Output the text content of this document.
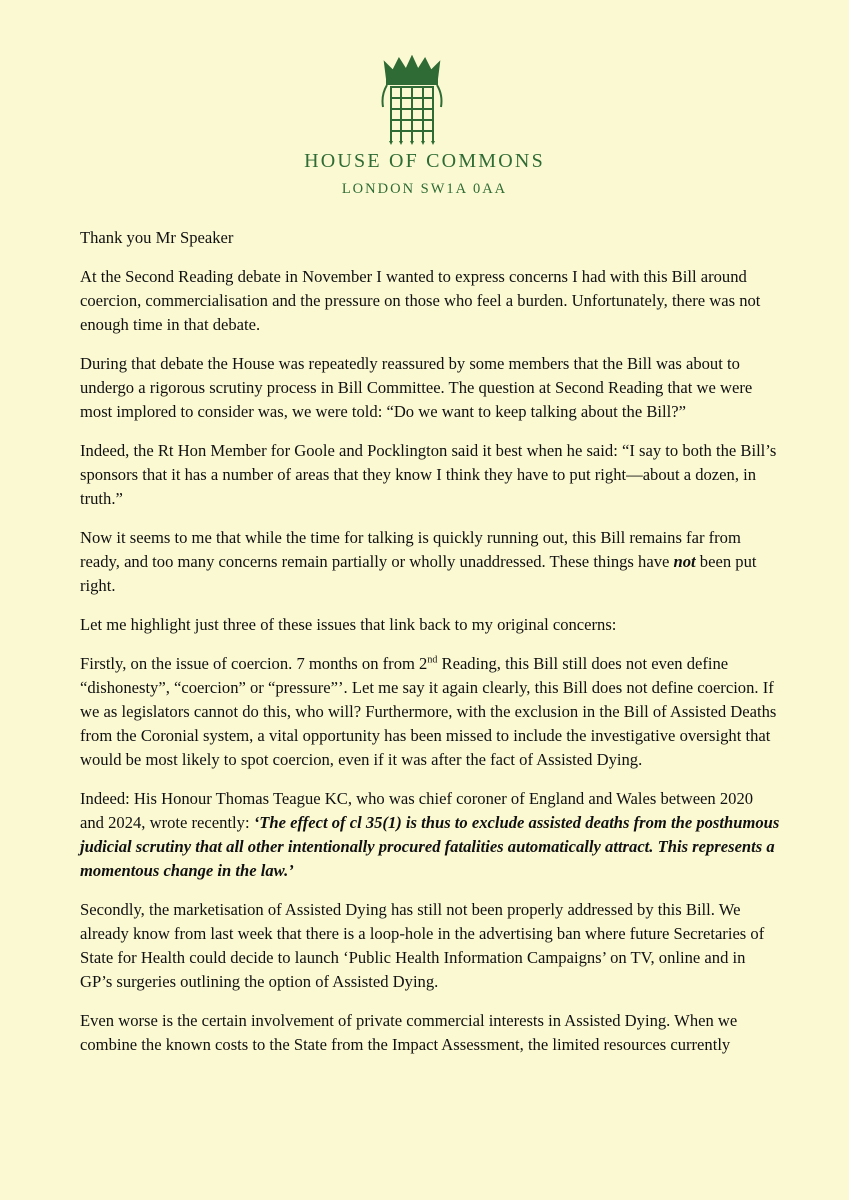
HOUSE OF COMMONS
LONDON SW1A 0AA

Thank you Mr Speaker

At the Second Reading debate in November I wanted to express concerns I had with this Bill around coercion, commercialisation and the pressure on those who feel a burden. Unfortunately, there was not enough time in that debate.

During that debate the House was repeatedly reassured by some members that the Bill was about to undergo a rigorous scrutiny process in Bill Committee. The question at Second Reading that we were most implored to consider was, we were told: “Do we want to keep talking about the Bill?”

Indeed, the Rt Hon Member for Goole and Pocklington said it best when he said: “I say to both the Bill’s sponsors that it has a number of areas that they know I think they have to put right—about a dozen, in truth.”

Now it seems to me that while the time for talking is quickly running out, this Bill remains far from ready, and too many concerns remain partially or wholly unaddressed. These things have not been put right.

Let me highlight just three of these issues that link back to my original concerns:

Firstly, on the issue of coercion. 7 months on from 2nd Reading, this Bill still does not even define “dishonesty”, “coercion” or “pressure”’. Let me say it again clearly, this Bill does not define coercion. If we as legislators cannot do this, who will? Furthermore, with the exclusion in the Bill of Assisted Deaths from the Coronial system, a vital opportunity has been missed to include the investigative oversight that would be most likely to spot coercion, even if it was after the fact of Assisted Dying.

Indeed: His Honour Thomas Teague KC, who was chief coroner of England and Wales between 2020 and 2024, wrote recently: ‘The effect of cl 35(1) is thus to exclude assisted deaths from the posthumous judicial scrutiny that all other intentionally procured fatalities automatically attract. This represents a momentous change in the law.’

Secondly, the marketisation of Assisted Dying has still not been properly addressed by this Bill. We already know from last week that there is a loop-hole in the advertising ban where future Secretaries of State for Health could decide to launch ‘Public Health Information Campaigns’ on TV, online and in GP’s surgeries outlining the option of Assisted Dying.

Even worse is the certain involvement of private commercial interests in Assisted Dying. When we combine the known costs to the State from the Impact Assessment, the limited resources currently
